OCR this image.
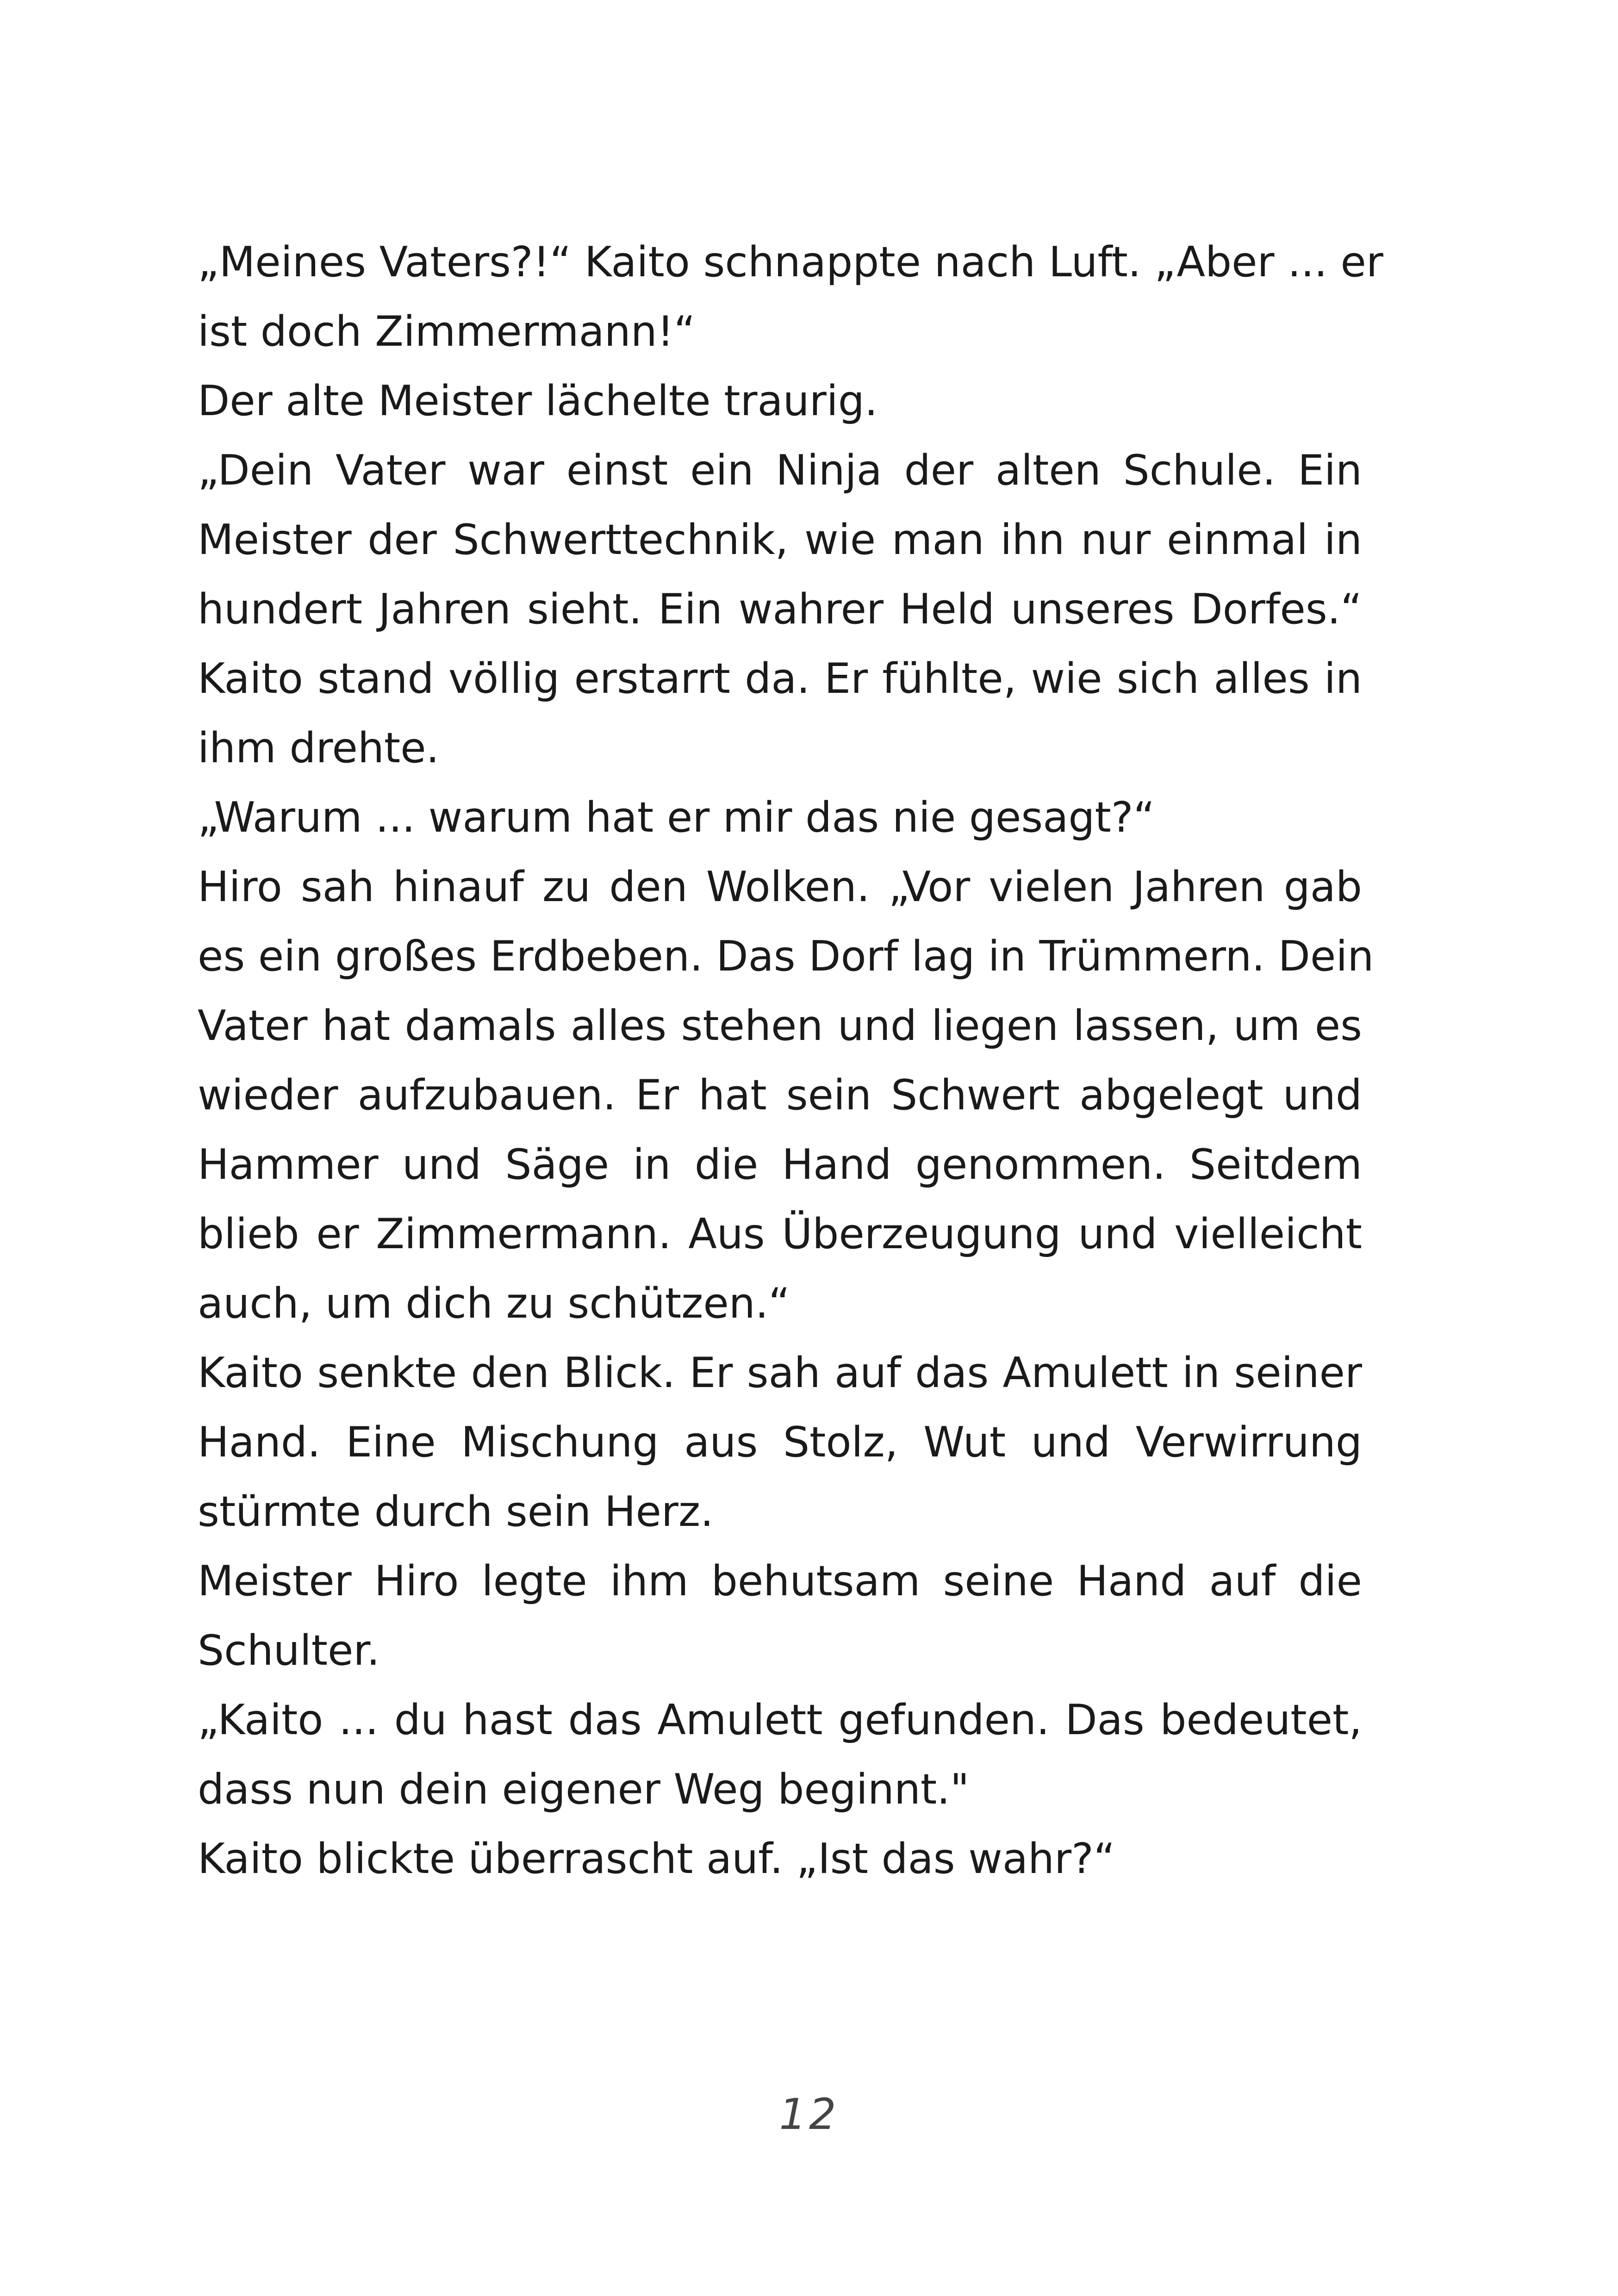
„Meines Vaters?!“ Kaito schnappte nach Luft. „Aber ... er
ist doch Zimmermann!“
Der alte Meister lächelte traurig.
„Dein Vater war einst ein Ninja der alten Schule. Ein
Meister der Schwerttechnik, wie man ihn nur einmal in
hundert Jahren sieht. Ein wahrer Held unseres Dorfes.“
Kaito stand völlig erstarrt da. Er fühlte, wie sich alles in
ihm drehte.
„Warum ... warum hat er mir das nie gesagt?“
Hiro sah hinauf zu den Wolken. „Vor vielen Jahren gab
es ein großes Erdbeben. Das Dorf lag in Trümmern. Dein
Vater hat damals alles stehen und liegen lassen, um es
wieder aufzubauen. Er hat sein Schwert abgelegt und
Hammer und Säge in die Hand genommen. Seitdem
blieb er Zimmermann. Aus Überzeugung und vielleicht
auch, um dich zu schützen.“
Kaito senkte den Blick. Er sah auf das Amulett in seiner
Hand. Eine Mischung aus Stolz, Wut und Verwirrung
stürmte durch sein Herz.
Meister Hiro legte ihm behutsam seine Hand auf die
Schulter.
„Kaito ... du hast das Amulett gefunden. Das bedeutet,
dass nun dein eigener Weg beginnt."
Kaito blickte überrascht auf. „Ist das wahr?“
12
